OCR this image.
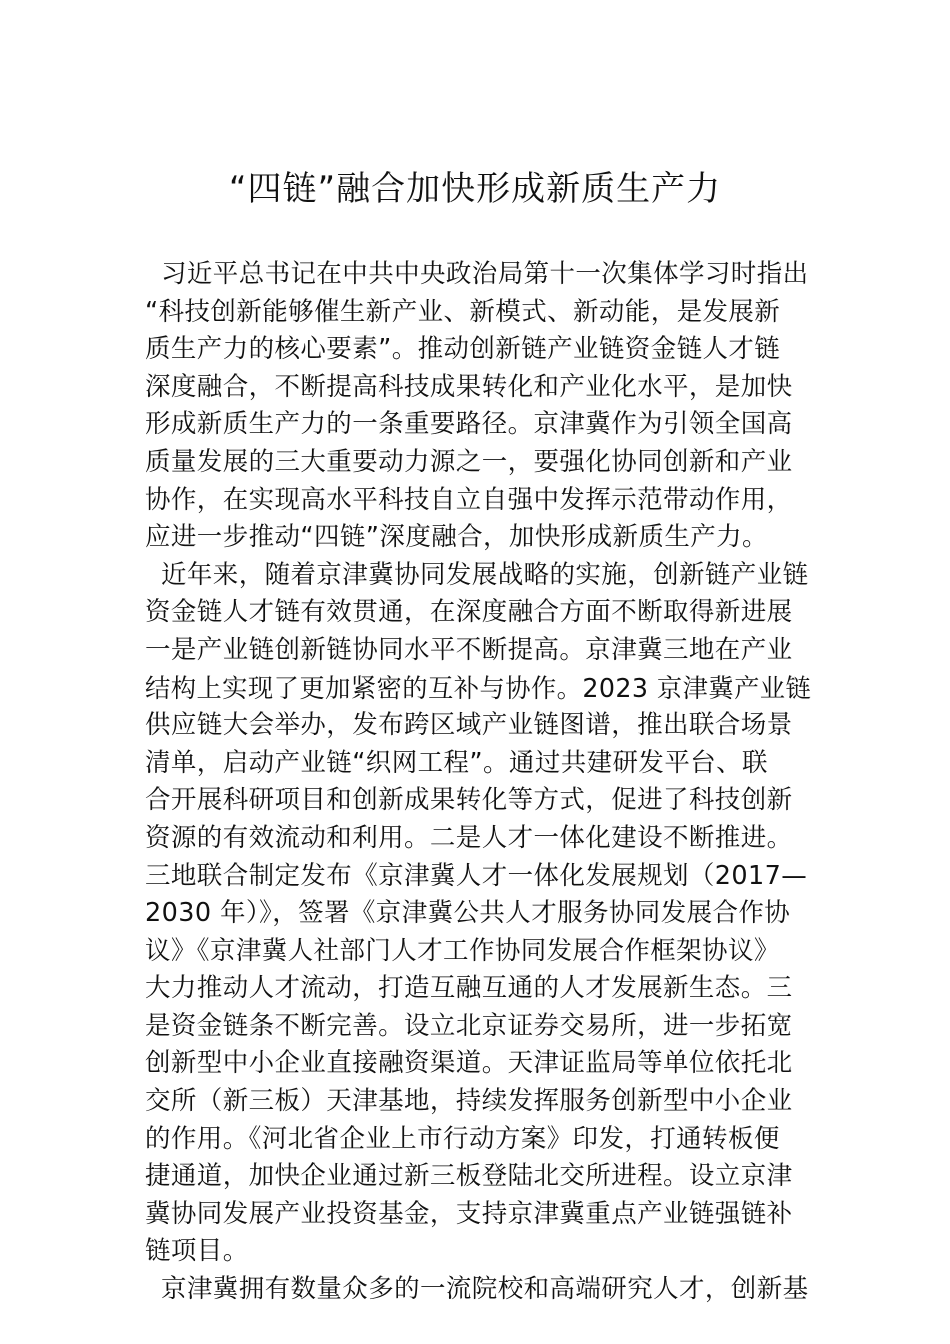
“四链”融合加快形成新质生产力
习近平总书记在中共中央政治局第十一次集体学习时指出
“科技创新能够催生新产业、新模式、新动能，是发展新
质生产力的核心要素”。推动创新链产业链资金链人才链
深度融合，不断提高科技成果转化和产业化水平，是加快
形成新质生产力的一条重要路径。京津冀作为引领全国高
质量发展的三大重要动力源之一，要强化协同创新和产业
协作，在实现高水平科技自立自强中发挥示范带动作用，
应进一步推动“四链”深度融合，加快形成新质生产力。
近年来，随着京津冀协同发展战略的实施，创新链产业链
资金链人才链有效贯通，在深度融合方面不断取得新进展
一是产业链创新链协同水平不断提高。京津冀三地在产业
结构上实现了更加紧密的互补与协作。2023 京津冀产业链
供应链大会举办，发布跨区域产业链图谱，推出联合场景
清单，启动产业链“织网工程”。通过共建研发平台、联
合开展科研项目和创新成果转化等方式，促进了科技创新
资源的有效流动和利用。二是人才一体化建设不断推进。
三地联合制定发布《京津冀人才一体化发展规划（2017—
2030 年）》，签署《京津冀公共人才服务协同发展合作协
议》《京津冀人社部门人才工作协同发展合作框架协议》
大力推动人才流动，打造互融互通的人才发展新生态。三
是资金链条不断完善。设立北京证券交易所，进一步拓宽
创新型中小企业直接融资渠道。天津证监局等单位依托北
交所（新三板）天津基地，持续发挥服务创新型中小企业
的作用。《河北省企业上市行动方案》印发，打通转板便
捷通道，加快企业通过新三板登陆北交所进程。设立京津
冀协同发展产业投资基金，支持京津冀重点产业链强链补
链项目。
京津冀拥有数量众多的一流院校和高端研究人才，创新基
